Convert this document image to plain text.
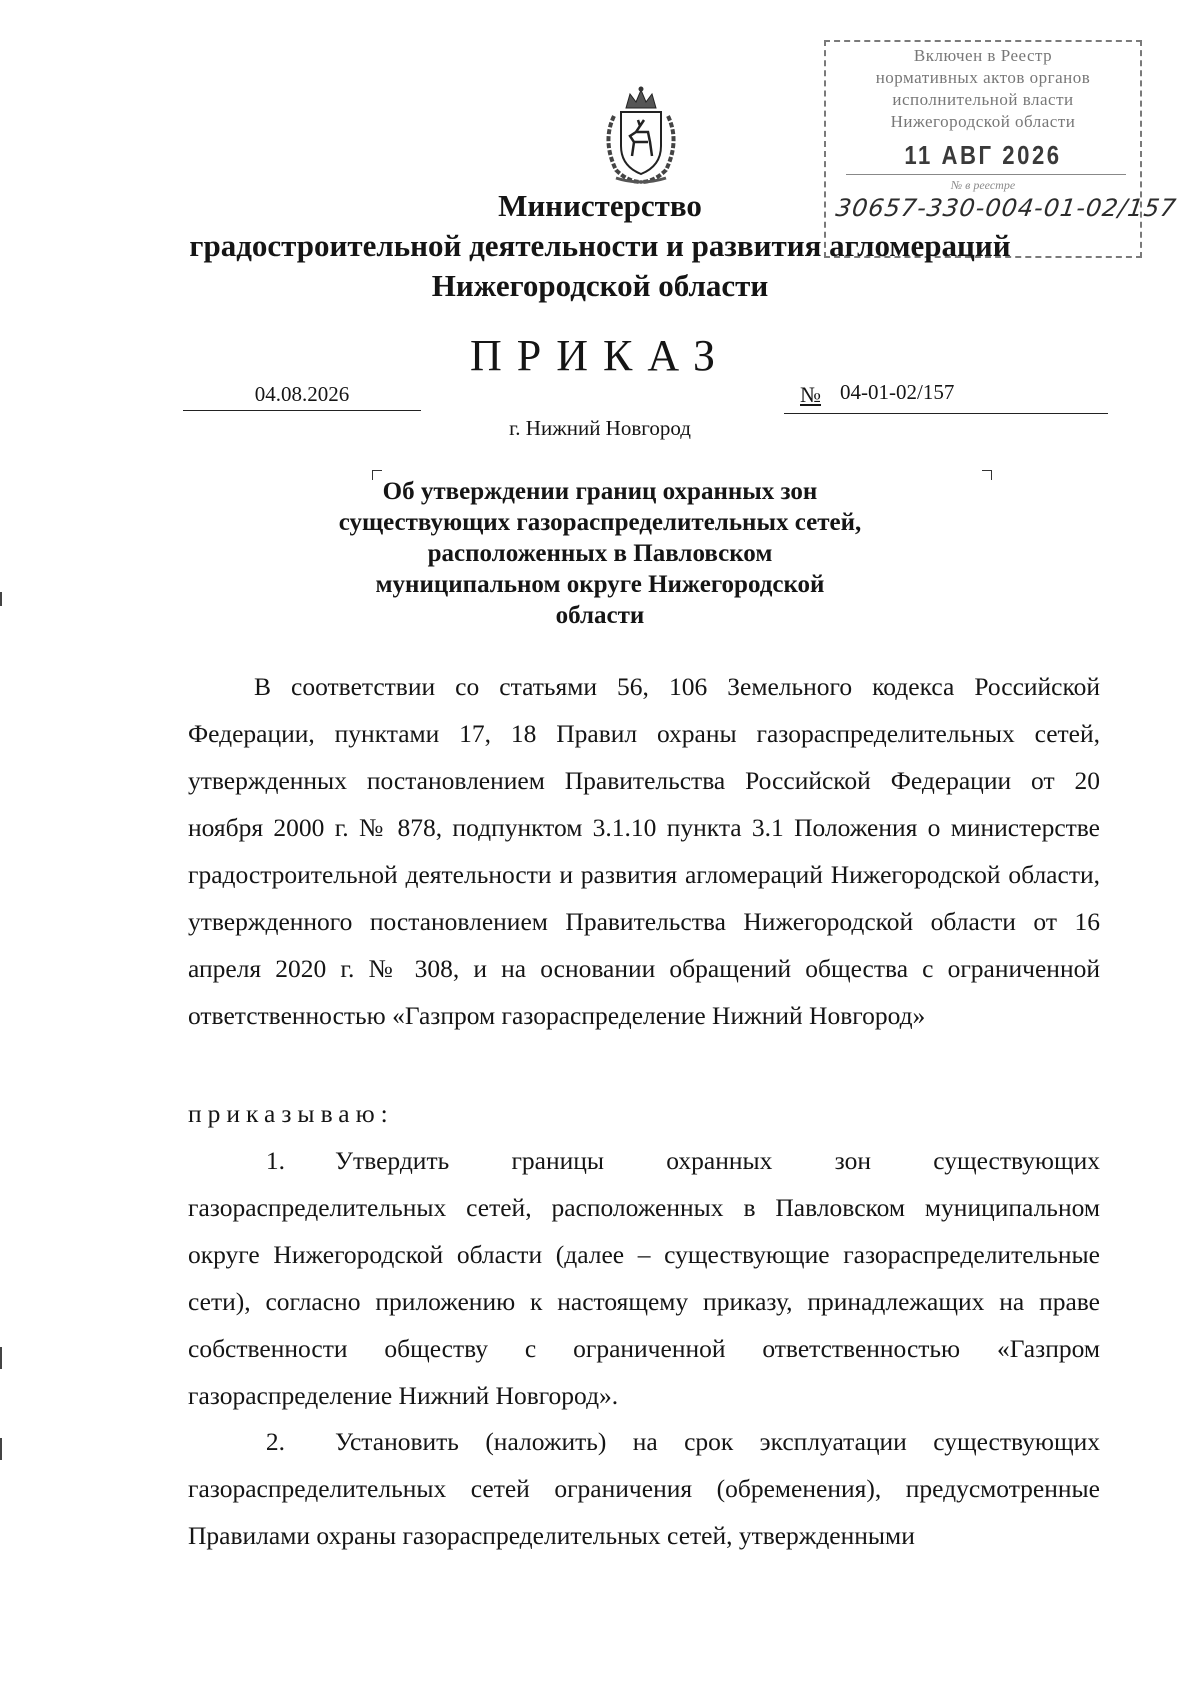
Включен в Реестр
нормативных актов органов
исполнительной власти
Нижегородской области
11 АВГ 2026
№ в реестре
30657-330-004-01-02/157
Министерство
градостроительной деятельности и развития агломераций
Нижегородской области
ПРИКАЗ
04.08.2026	№ 04-01-02/157
г. Нижний Новгород
Об утверждении границ охранных зон
существующих газораспределительных сетей,
расположенных в Павловском
муниципальном округе Нижегородской
области
В соответствии со статьями 56, 106 Земельного кодекса Российской Федерации, пунктами 17, 18 Правил охраны газораспределительных сетей, утвержденных постановлением Правительства Российской Федерации от 20 ноября 2000 г. № 878, подпунктом 3.1.10 пункта 3.1 Положения о министерстве градостроительной деятельности и развития агломераций Нижегородской области, утвержденного постановлением Правительства Нижегородской области от 16 апреля 2020 г. № 308, и на основании обращений общества с ограниченной ответственностью «Газпром газораспределение Нижний Новгород»
приказываю:
1. Утвердить границы охранных зон существующих газораспределительных сетей, расположенных в Павловском муниципальном округе Нижегородской области (далее – существующие газораспределительные сети), согласно приложению к настоящему приказу, принадлежащих на праве собственности обществу с ограниченной ответственностью «Газпром газораспределение Нижний Новгород».
2. Установить (наложить) на срок эксплуатации существующих газораспределительных сетей ограничения (обременения), предусмотренные Правилами охраны газораспределительных сетей, утвержденными
